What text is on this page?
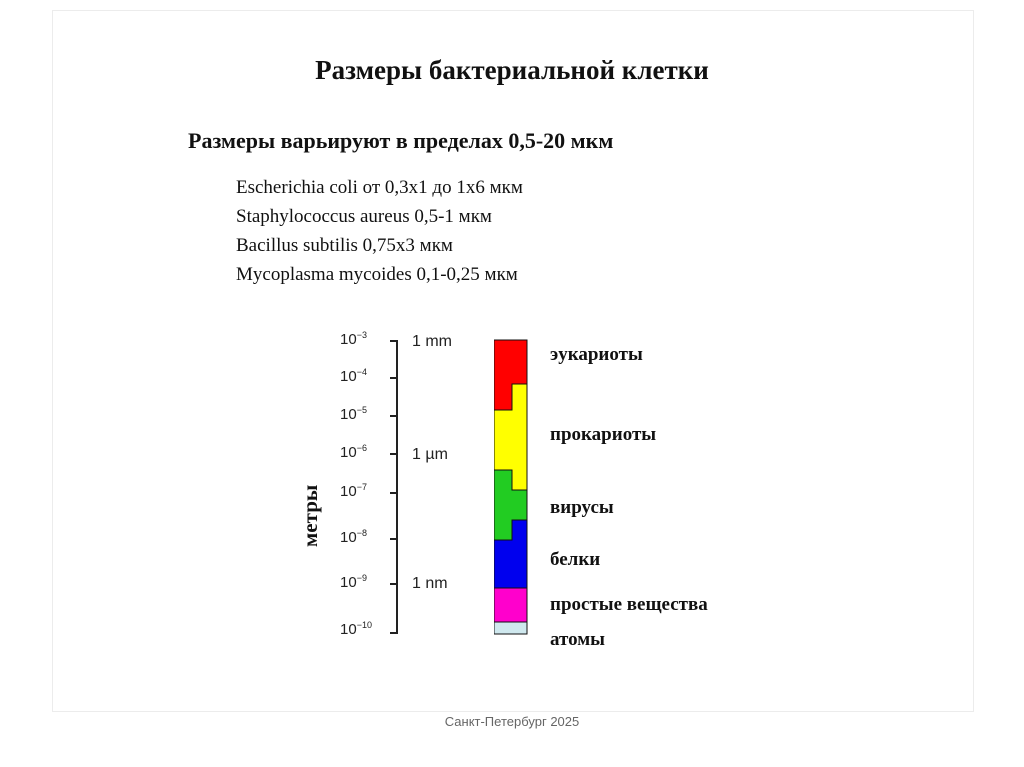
Размеры бактериальной клетки
Размеры варьируют в пределах 0,5-20 мкм
Escherichia coli от 0,3х1 до 1х6 мкм
Staphylococcus aureus 0,5-1 мкм
Bacillus subtilis 0,75х3 мкм
Mycoplasma mycoides 0,1-0,25 мкм
метры
$10^{-3}$
$10^{-4}$
$10^{-5}$
$10^{-6}$
$10^{-7}$
$10^{-8}$
$10^{-9}$
$10^{-10}$
1 mm
1 µm
1 nm
эукариоты
прокариоты
вирусы
белки
простые вещества
атомы
Санкт-Петербург 2025
